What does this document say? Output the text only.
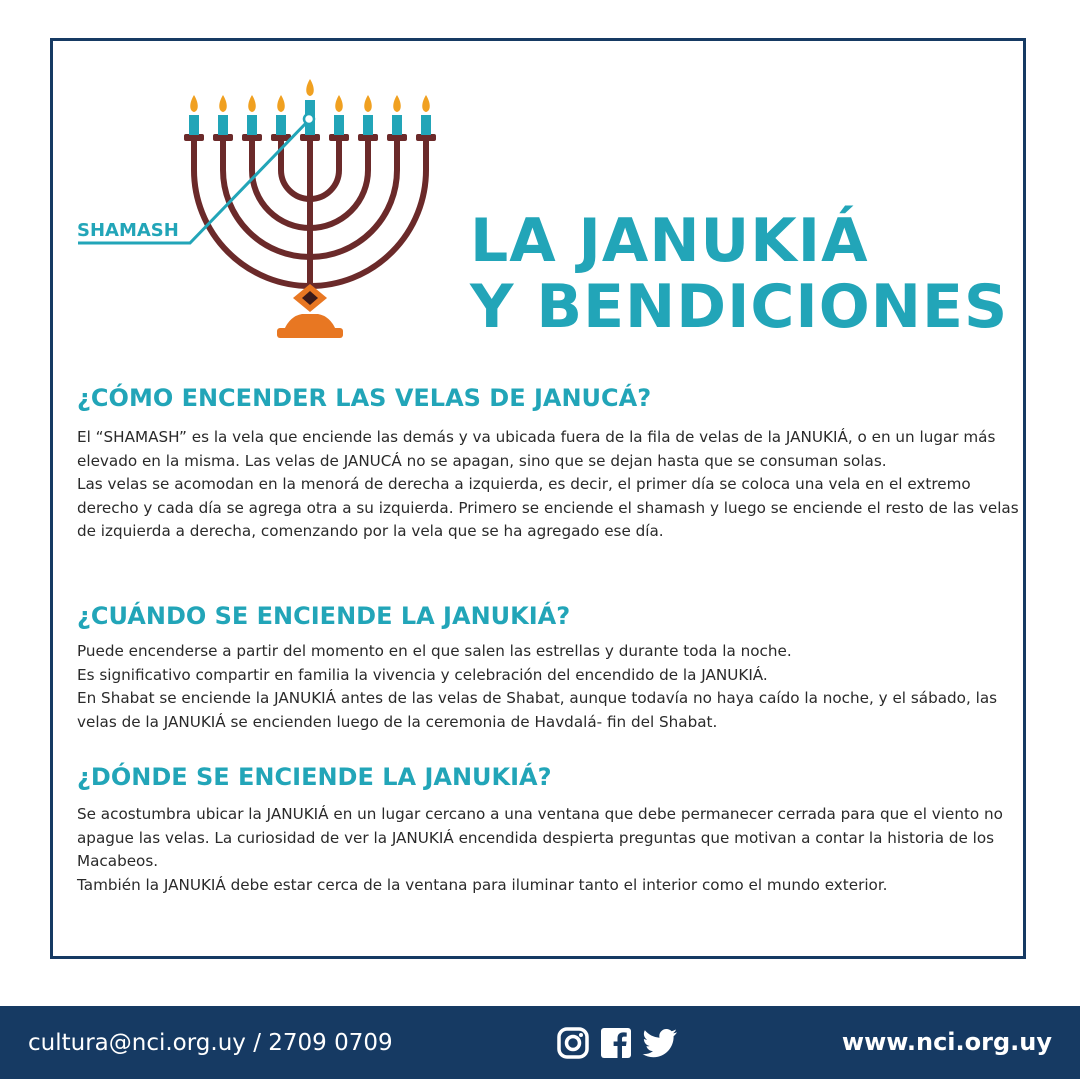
SHAMASH	LA JANUKIÁ
Y BENDICIONES
¿CÓMO ENCENDER LAS VELAS DE JANUCÁ?

El “SHAMASH” es la vela que enciende las demás y va ubicada fuera de la fila de velas de la JANUKIÁ, o en un lugar más elevado en la misma. Las velas de JANUCÁ no se apagan, sino que se dejan hasta que se consuman solas.

Las velas se acomodan en la menorá de derecha a izquierda, es decir, el primer día se coloca una vela en el extremo derecho y cada día se agrega otra a su izquierda. Primero se enciende el shamash y luego se enciende el resto de las velas de izquierda a derecha, comenzando por la vela que se ha agregado ese día.

¿CUÁNDO SE ENCIENDE LA JANUKIÁ?

Puede encenderse a partir del momento en el que salen las estrellas y durante toda la noche.

Es significativo compartir en familia la vivencia y celebración del encendido de la JANUKIÁ.

En Shabat se enciende la JANUKIÁ antes de las velas de Shabat, aunque todavía no haya caído la noche, y el sábado, las velas de la JANUKIÁ se encienden luego de la ceremonia de Havdalá- fin del Shabat.

¿DÓNDE SE ENCIENDE LA JANUKIÁ?

Se acostumbra ubicar la JANUKIÁ en un lugar cercano a una ventana que debe permanecer cerrada para que el viento no apague las velas. La curiosidad de ver la JANUKIÁ encendida despierta preguntas que motivan a contar la historia de los Macabeos.

También la JANUKIÁ debe estar cerca de la ventana para iluminar tanto el interior como el mundo exterior.

cultura@nci.org.uy / 2709 0709	www.nci.org.uy
